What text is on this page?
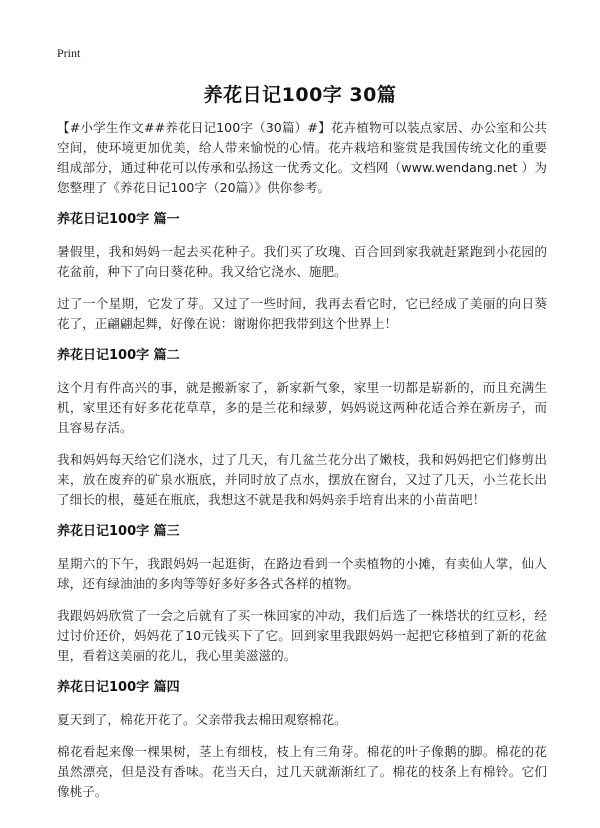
Print
养花日记100字 30篇

【#小学生作文##养花日记100字（30篇）#】花卉植物可以装点家居、办公室和公共空间，使环境更加优美，给人带来愉悦的心情。花卉栽培和鉴赏是我国传统文化的重要组成部分，通过种花可以传承和弘扬这一优秀文化。文档网（www.wendang.net ）为您整理了《养花日记100字（20篇）》供你参考。

养花日记100字 篇一

暑假里，我和妈妈一起去买花种子。我们买了玫瑰、百合回到家我就赶紧跑到小花园的花盆前，种下了向日葵花种。我又给它浇水、施肥。

过了一个星期，它发了芽。又过了一些时间，我再去看它时，它已经成了美丽的向日葵花了，正翩翩起舞，好像在说：谢谢你把我带到这个世界上！

养花日记100字 篇二

这个月有件高兴的事，就是搬新家了，新家新气象，家里一切都是崭新的，而且充满生机，家里还有好多花花草草，多的是兰花和绿萝，妈妈说这两种花适合养在新房子，而且容易存活。

我和妈妈每天给它们浇水，过了几天，有几盆兰花分出了嫩枝，我和妈妈把它们修剪出来，放在废弃的矿泉水瓶底，并同时放了点水，摆放在窗台，又过了几天，小兰花长出了细长的根，蔓延在瓶底，我想这不就是我和妈妈亲手培育出来的小苗苗吧！

养花日记100字 篇三

星期六的下午，我跟妈妈一起逛街，在路边看到一个卖植物的小摊，有卖仙人掌，仙人球，还有绿油油的多肉等等好多好多各式各样的植物。

我跟妈妈欣赏了一会之后就有了买一株回家的冲动，我们后选了一株塔状的红豆杉，经过讨价还价，妈妈花了10元钱买下了它。回到家里我跟妈妈一起把它移植到了新的花盆里，看着这美丽的花儿，我心里美滋滋的。

养花日记100字 篇四

夏天到了，棉花开花了。父亲带我去棉田观察棉花。

棉花看起来像一棵果树，茎上有细枝，枝上有三角芽。棉花的叶子像鹅的脚。棉花的花虽然漂亮，但是没有香味。花当天白，过几天就渐渐红了。棉花的枝条上有棉铃。它们像桃子。
